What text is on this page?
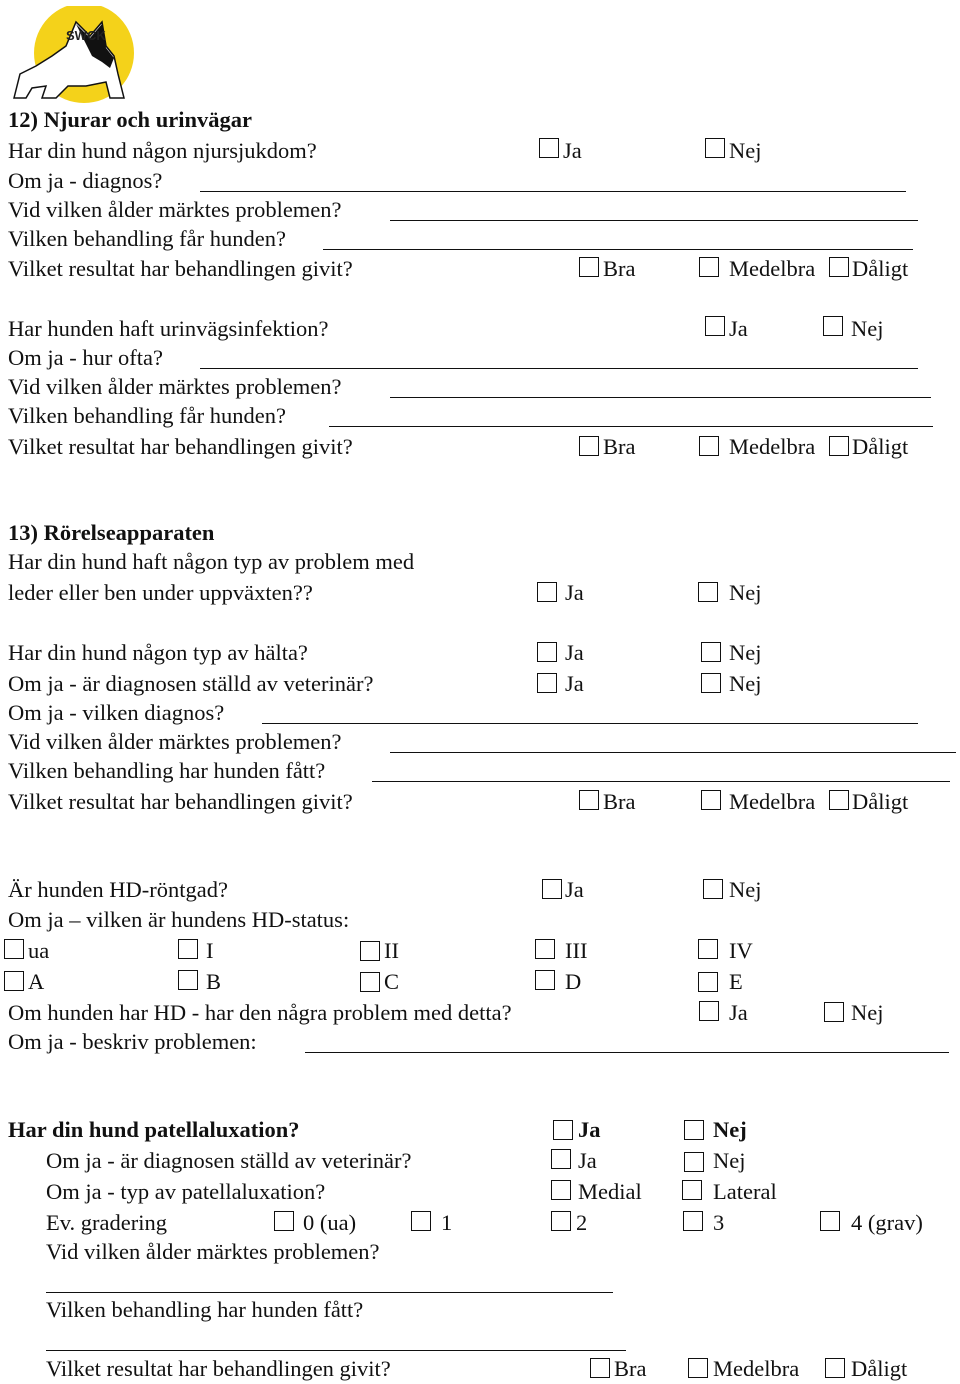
SWCK
12) Njurar och urinvägar
Har din hund någon njursjukdom?	Ja	Nej
Om ja - diagnos?
Vid vilken ålder märktes problemen?
Vilken behandling får hunden?
Vilket resultat har behandlingen givit?	Bra	Medelbra Dåligt
Har hunden haft urinvägsinfektion?	Ja	Nej
Om ja - hur ofta?
Vid vilken ålder märktes problemen?
Vilken behandling får hunden?
Vilket resultat har behandlingen givit?	Bra	Medelbra Dåligt
13) Rörelseapparaten
Har din hund haft någon typ av problem med
leder eller ben under uppväxten??	Ja	Nej
Har din hund någon typ av hälta?	Ja	Nej
Om ja - är diagnosen ställd av veterinär?	Ja	Nej
Om ja - vilken diagnos?
Vid vilken ålder märktes problemen?
Vilken behandling har hunden fått?
Vilket resultat har behandlingen givit?	Bra	Medelbra Dåligt
Är hunden HD-röntgad?	Ja	Nej
Om ja – vilken är hundens HD-status:
ua	I	II	III	IV
A	B	C	D	E
Om hunden har HD - har den några problem med detta?	Ja	Nej
Om ja - beskriv problemen:
Har din hund patellaluxation?	Ja	Nej
Om ja - är diagnosen ställd av veterinär?	Ja	Nej
Om ja - typ av patellaluxation?	Medial	Lateral
Ev. gradering	0 (ua)	1	2	3	4 (grav)
Vid vilken ålder märktes problemen?
Vilken behandling har hunden fått?
Vilket resultat har behandlingen givit?	Bra	Medelbra Dåligt
